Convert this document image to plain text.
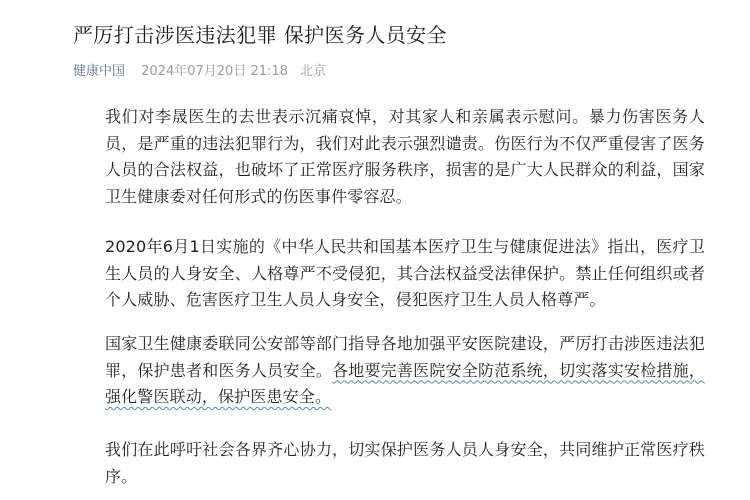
严厉打击涉医违法犯罪 保护医务人员安全
健康中国 2024年07月20日 21:18 北京

我们对李晟医生的去世表示沉痛哀悼，对其家人和亲属表示慰问。暴力伤害医务人员，是严重的违法犯罪行为，我们对此表示强烈谴责。伤医行为不仅严重侵害了医务人员的合法权益，也破坏了正常医疗服务秩序，损害的是广大人民群众的利益，国家卫生健康委对任何形式的伤医事件零容忍。

2020年6月1日实施的《中华人民共和国基本医疗卫生与健康促进法》指出，医疗卫生人员的人身安全、人格尊严不受侵犯，其合法权益受法律保护。禁止任何组织或者个人威胁、危害医疗卫生人员人身安全，侵犯医疗卫生人员人格尊严。

国家卫生健康委联同公安部等部门指导各地加强平安医院建设，严厉打击涉医违法犯罪，保护患者和医务人员安全。各地要完善医院安全防范系统，切实落实安检措施，强化警医联动，保护医患安全。

我们在此呼吁社会各界齐心协力，切实保护医务人员人身安全，共同维护正常医疗秩序。
